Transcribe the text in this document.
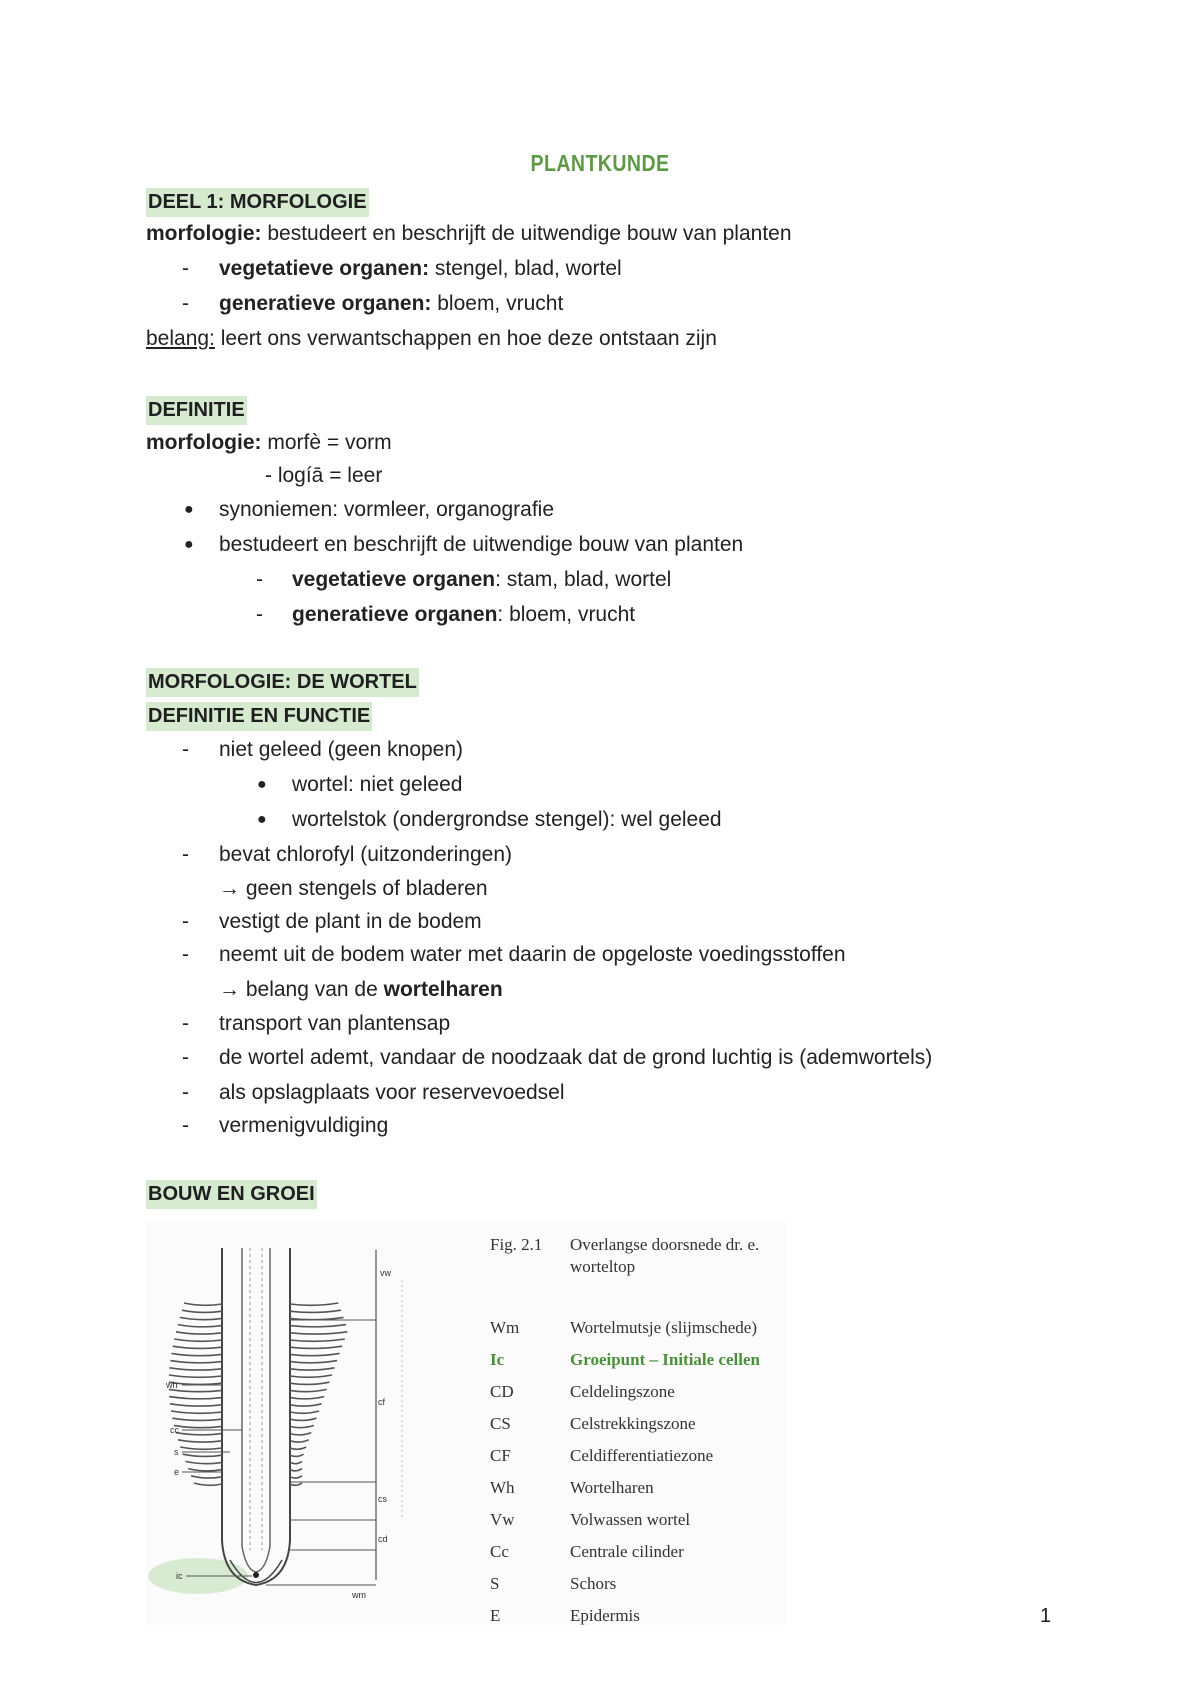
PLANTKUNDE
DEEL 1: MORFOLOGIE
morfologie: bestudeert en beschrijft de uitwendige bouw van planten
- vegetatieve organen: stengel, blad, wortel
- generatieve organen: bloem, vrucht
belang: leert ons verwantschappen en hoe deze ontstaan zijn
DEFINITIE
morfologie: morfè = vorm
- logíā = leer
● synoniemen: vormleer, organografie
● bestudeert en beschrijft de uitwendige bouw van planten
- vegetatieve organen: stam, blad, wortel
- generatieve organen: bloem, vrucht
MORFOLOGIE: DE WORTEL
DEFINITIE EN FUNCTIE
- niet geleed (geen knopen)
● wortel: niet geleed
● wortelstok (ondergrondse stengel): wel geleed
- bevat chlorofyl (uitzonderingen)
→ geen stengels of bladeren
- vestigt de plant in de bodem
- neemt uit de bodem water met daarin de opgeloste voedingsstoffen
→ belang van de wortelharen
- transport van plantensap
- de wortel ademt, vandaar de noodzaak dat de grond luchtig is (ademwortels)
- als opslagplaats voor reservevoedsel
- vermenigvuldiging
BOUW EN GROEI
vw
cf
cs
cd
wm
wh
cc
s
e
ic
Fig. 2.1 Overlangse doorsnede dr. e.
worteltop
Wm	Wortelmutsje (slijmschede)
Ic	Groeipunt – Initiale cellen
CD	Celdelingszone
CS	Celstrekkingszone
CF	Celdifferentiatiezone
Wh	Wortelharen
Vw	Volwassen wortel
Cc	Centrale cilinder
S	Schors
E	Epidermis	1
